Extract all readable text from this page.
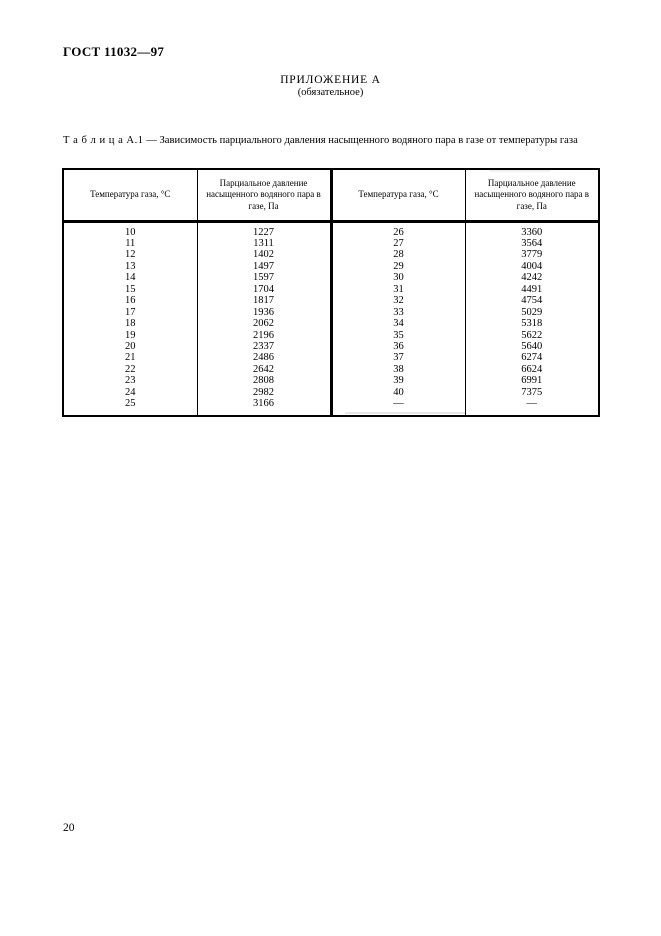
ГОСТ 11032—97
ПРИЛОЖЕНИЕ А
(обязательное)
Т а б л и ц а А.1 — Зависимость парциального давления насыщенного водяного пара в газе от температуры газа
Температура газа, °С	Парциальное давление насыщенного водяного пара в газе, Па	Температура газа, °С	Парциальное давление насыщенного водяного пара в газе, Па
10	1227	26	3360
11	1311	27	3564
12	1402	28	3779
13	1497	29	4004
14	1597	30	4242
15	1704	31	4491
16	1817	32	4754
17	1936	33	5029
18	2062	34	5318
19	2196	35	5622
20	2337	36	5640
21	2486	37	6274
22	2642	38	6624
23	2808	39	6991
24	2982	40	7375
25	3166	—	—
20
